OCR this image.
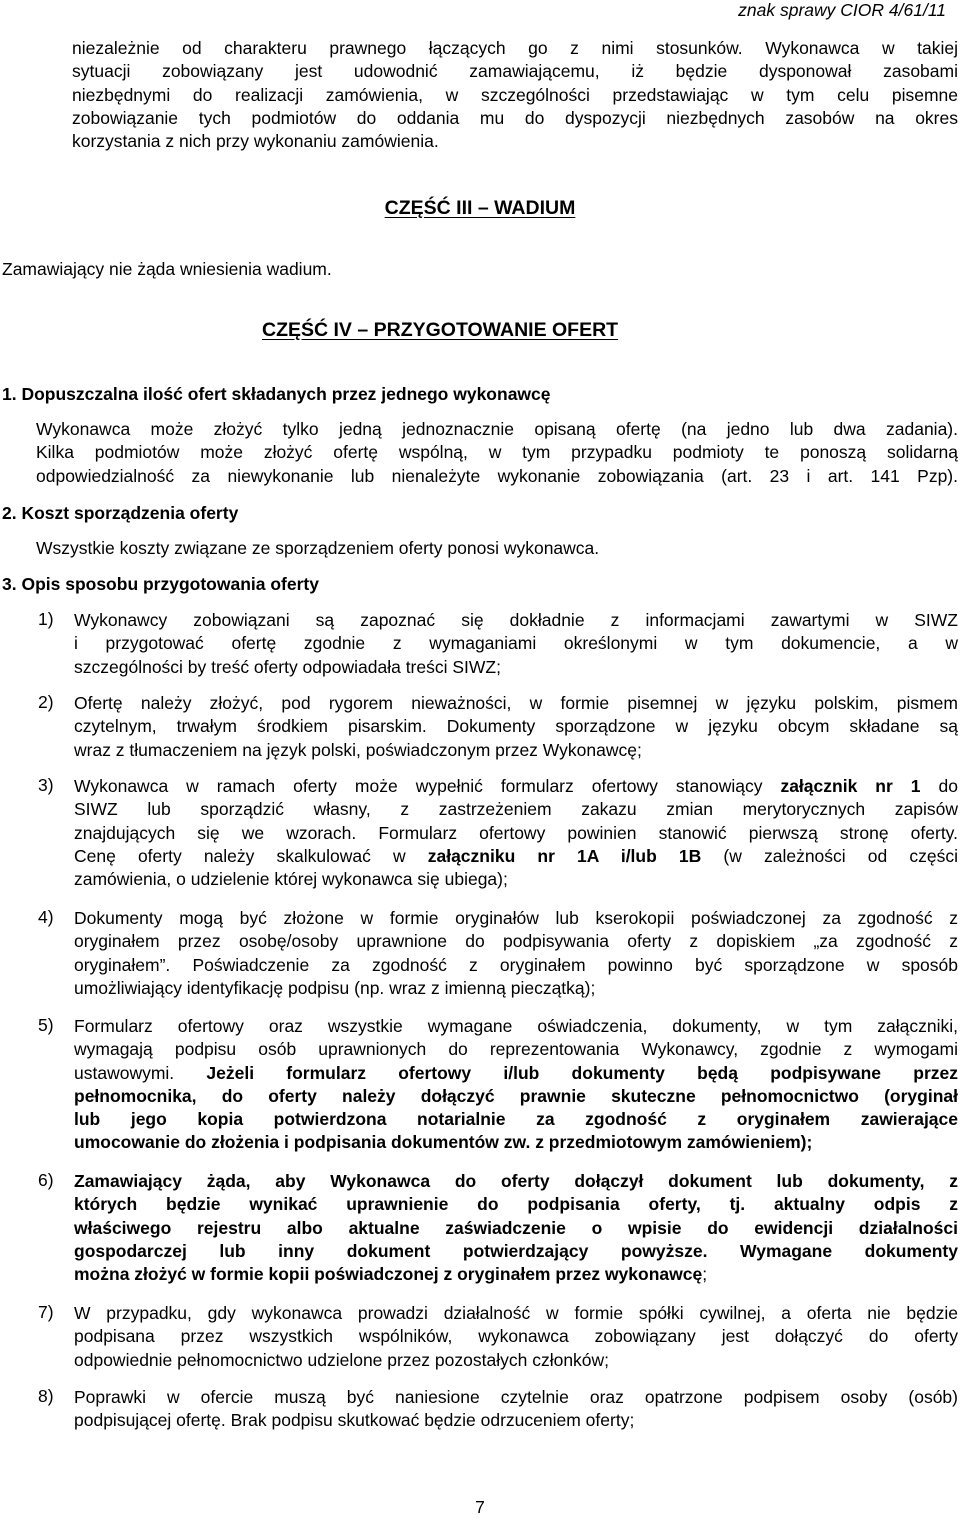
znak sprawy CIOR 4/61/11

niezależnie od charakteru prawnego łączących go z nimi stosunków. Wykonawca w takiej

sytuacji zobowiązany jest udowodnić zamawiającemu, iż będzie dysponował zasobami

niezbędnymi do realizacji zamówienia, w szczególności przedstawiając w tym celu pisemne

zobowiązanie tych podmiotów do oddania mu do dyspozycji niezbędnych zasobów na okres

korzystania z nich przy wykonaniu zamówienia.

CZĘŚĆ III – WADIUM
Zamawiający nie żąda wniesienia wadium.
CZĘŚĆ IV – PRZYGOTOWANIE OFERT
1. Dopuszczalna ilość ofert składanych przez jednego wykonawcę

Wykonawca może złożyć tylko jedną jednoznacznie opisaną ofertę (na jedno lub dwa zadania).

Kilka podmiotów może złożyć ofertę wspólną, w tym przypadku podmioty te ponoszą solidarną

odpowiedzialność za niewykonanie lub nienależyte wykonanie zobowiązania (art. 23 i art. 141 Pzp).

2. Koszt sporządzenia oferty
Wszystkie koszty związane ze sporządzeniem oferty ponosi wykonawca.
3. Opis sposobu przygotowania oferty
1)	Wykonawcy zobowiązani są zapoznać się dokładnie z informacjami zawartymi w SIWZ

i przygotować ofertę zgodnie z wymaganiami określonymi w tym dokumencie, a w

szczególności by treść oferty odpowiadała treści SIWZ;

2)	Ofertę należy złożyć, pod rygorem nieważności, w formie pisemnej w języku polskim, pismem

czytelnym, trwałym środkiem pisarskim. Dokumenty sporządzone w języku obcym składane są

wraz z tłumaczeniem na język polski, poświadczonym przez Wykonawcę;

3)	Wykonawca w ramach oferty może wypełnić formularz ofertowy stanowiący załącznik nr 1 do

SIWZ lub sporządzić własny, z zastrzeżeniem zakazu zmian merytorycznych zapisów

znajdujących się we wzorach. Formularz ofertowy powinien stanowić pierwszą stronę oferty.

Cenę oferty należy skalkulować w załączniku nr 1A i/lub 1B (w zależności od części

zamówienia, o udzielenie której wykonawca się ubiega);

4)	Dokumenty mogą być złożone w formie oryginałów lub kserokopii poświadczonej za zgodność z

oryginałem przez osobę/osoby uprawnione do podpisywania oferty z dopiskiem „za zgodność z

oryginałem”. Poświadczenie za zgodność z oryginałem powinno być sporządzone w sposób

umożliwiający identyfikację podpisu (np. wraz z imienną pieczątką);

5)	Formularz ofertowy oraz wszystkie wymagane oświadczenia, dokumenty, w tym załączniki,

wymagają podpisu osób uprawnionych do reprezentowania Wykonawcy, zgodnie z wymogami

ustawowymi. Jeżeli formularz ofertowy i/lub dokumenty będą podpisywane przez

pełnomocnika, do oferty należy dołączyć prawnie skuteczne pełnomocnictwo (oryginał

lub jego kopia potwierdzona notarialnie za zgodność z oryginałem zawierające

umocowanie do złożenia i podpisania dokumentów zw. z przedmiotowym zamówieniem);

6)	Zamawiający żąda, aby Wykonawca do oferty dołączył dokument lub dokumenty, z

których będzie wynikać uprawnienie do podpisania oferty, tj. aktualny odpis z

właściwego rejestru albo aktualne zaświadczenie o wpisie do ewidencji działalności

gospodarczej lub inny dokument potwierdzający powyższe. Wymagane dokumenty

można złożyć w formie kopii poświadczonej z oryginałem przez wykonawcę;

7)	W przypadku, gdy wykonawca prowadzi działalność w formie spółki cywilnej, a oferta nie będzie

podpisana przez wszystkich wspólników, wykonawca zobowiązany jest dołączyć do oferty

odpowiednie pełnomocnictwo udzielone przez pozostałych członków;

8)	Poprawki w ofercie muszą być naniesione czytelnie oraz opatrzone podpisem osoby (osób)

podpisującej ofertę. Brak podpisu skutkować będzie odrzuceniem oferty;

7
